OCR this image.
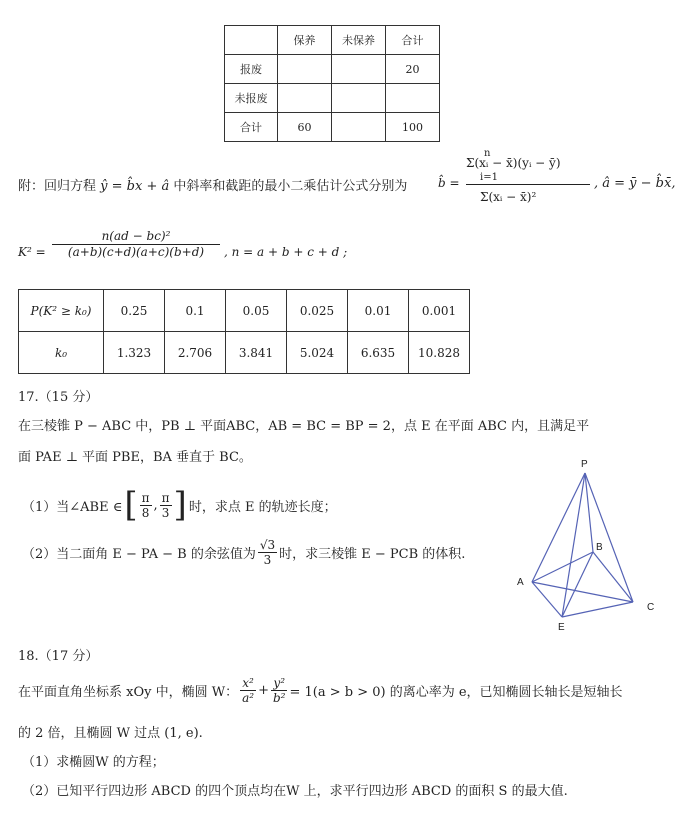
	保养	未保养	合计
报废			20
未报废			
合计	60		100
附：回归方程 ŷ = b̂x + â 中斜率和截距的最小二乘估计公式分别为	b̂ =
n
Σ(xᵢ − x̄)(yᵢ − ȳ)
i=1
Σ(xᵢ − x̄)²
, â = ȳ − b̂x̄,
$K^2 = \frac{\text{n(ad − bc)²}}{(a+b)(c+d)(a+c)(b+d)}$ , n = a + b + c + d ;
P(K² ≥ k₀)	0.25	0.1	0.05	0.025	0.01	0.001
k₀	1.323	2.706	3.841	5.024	6.635	10.828
17.（15 分）
在三棱锥 P − ABC 中，PB ⊥ 平面ABC，AB = BC = BP = 2，点 E 在平面 ABC 内，且满足平
面 PAE ⊥ 平面 PBE，BA 垂直于 BC。
（1）当∠ABE ∈ [ $\frac{\pi}{8}$ , $\frac{\pi}{3}$ ] 时，求点 E 的轨迹长度；
（2）当二面角 E − PA − B 的余弦值为 $\frac{√3}{3}$ 时，求三棱锥 E − PCB 的体积.
P
B
A
C
E
18.（17 分）
在平面直角坐标系 xOy 中，椭圆 W： $\frac{\text{x²}}{\text{a²}} + \frac{\text{y²}}{\text{b²}} = 1(a > b > 0)$ 的离心率为 e，已知椭圆长轴长是短轴长
的 2 倍，且椭圆 W 过点 (1, e).
（1）求椭圆W 的方程；
（2）已知平行四边形 ABCD 的四个顶点均在W 上，求平行四边形 ABCD 的面积 S 的最大值.
